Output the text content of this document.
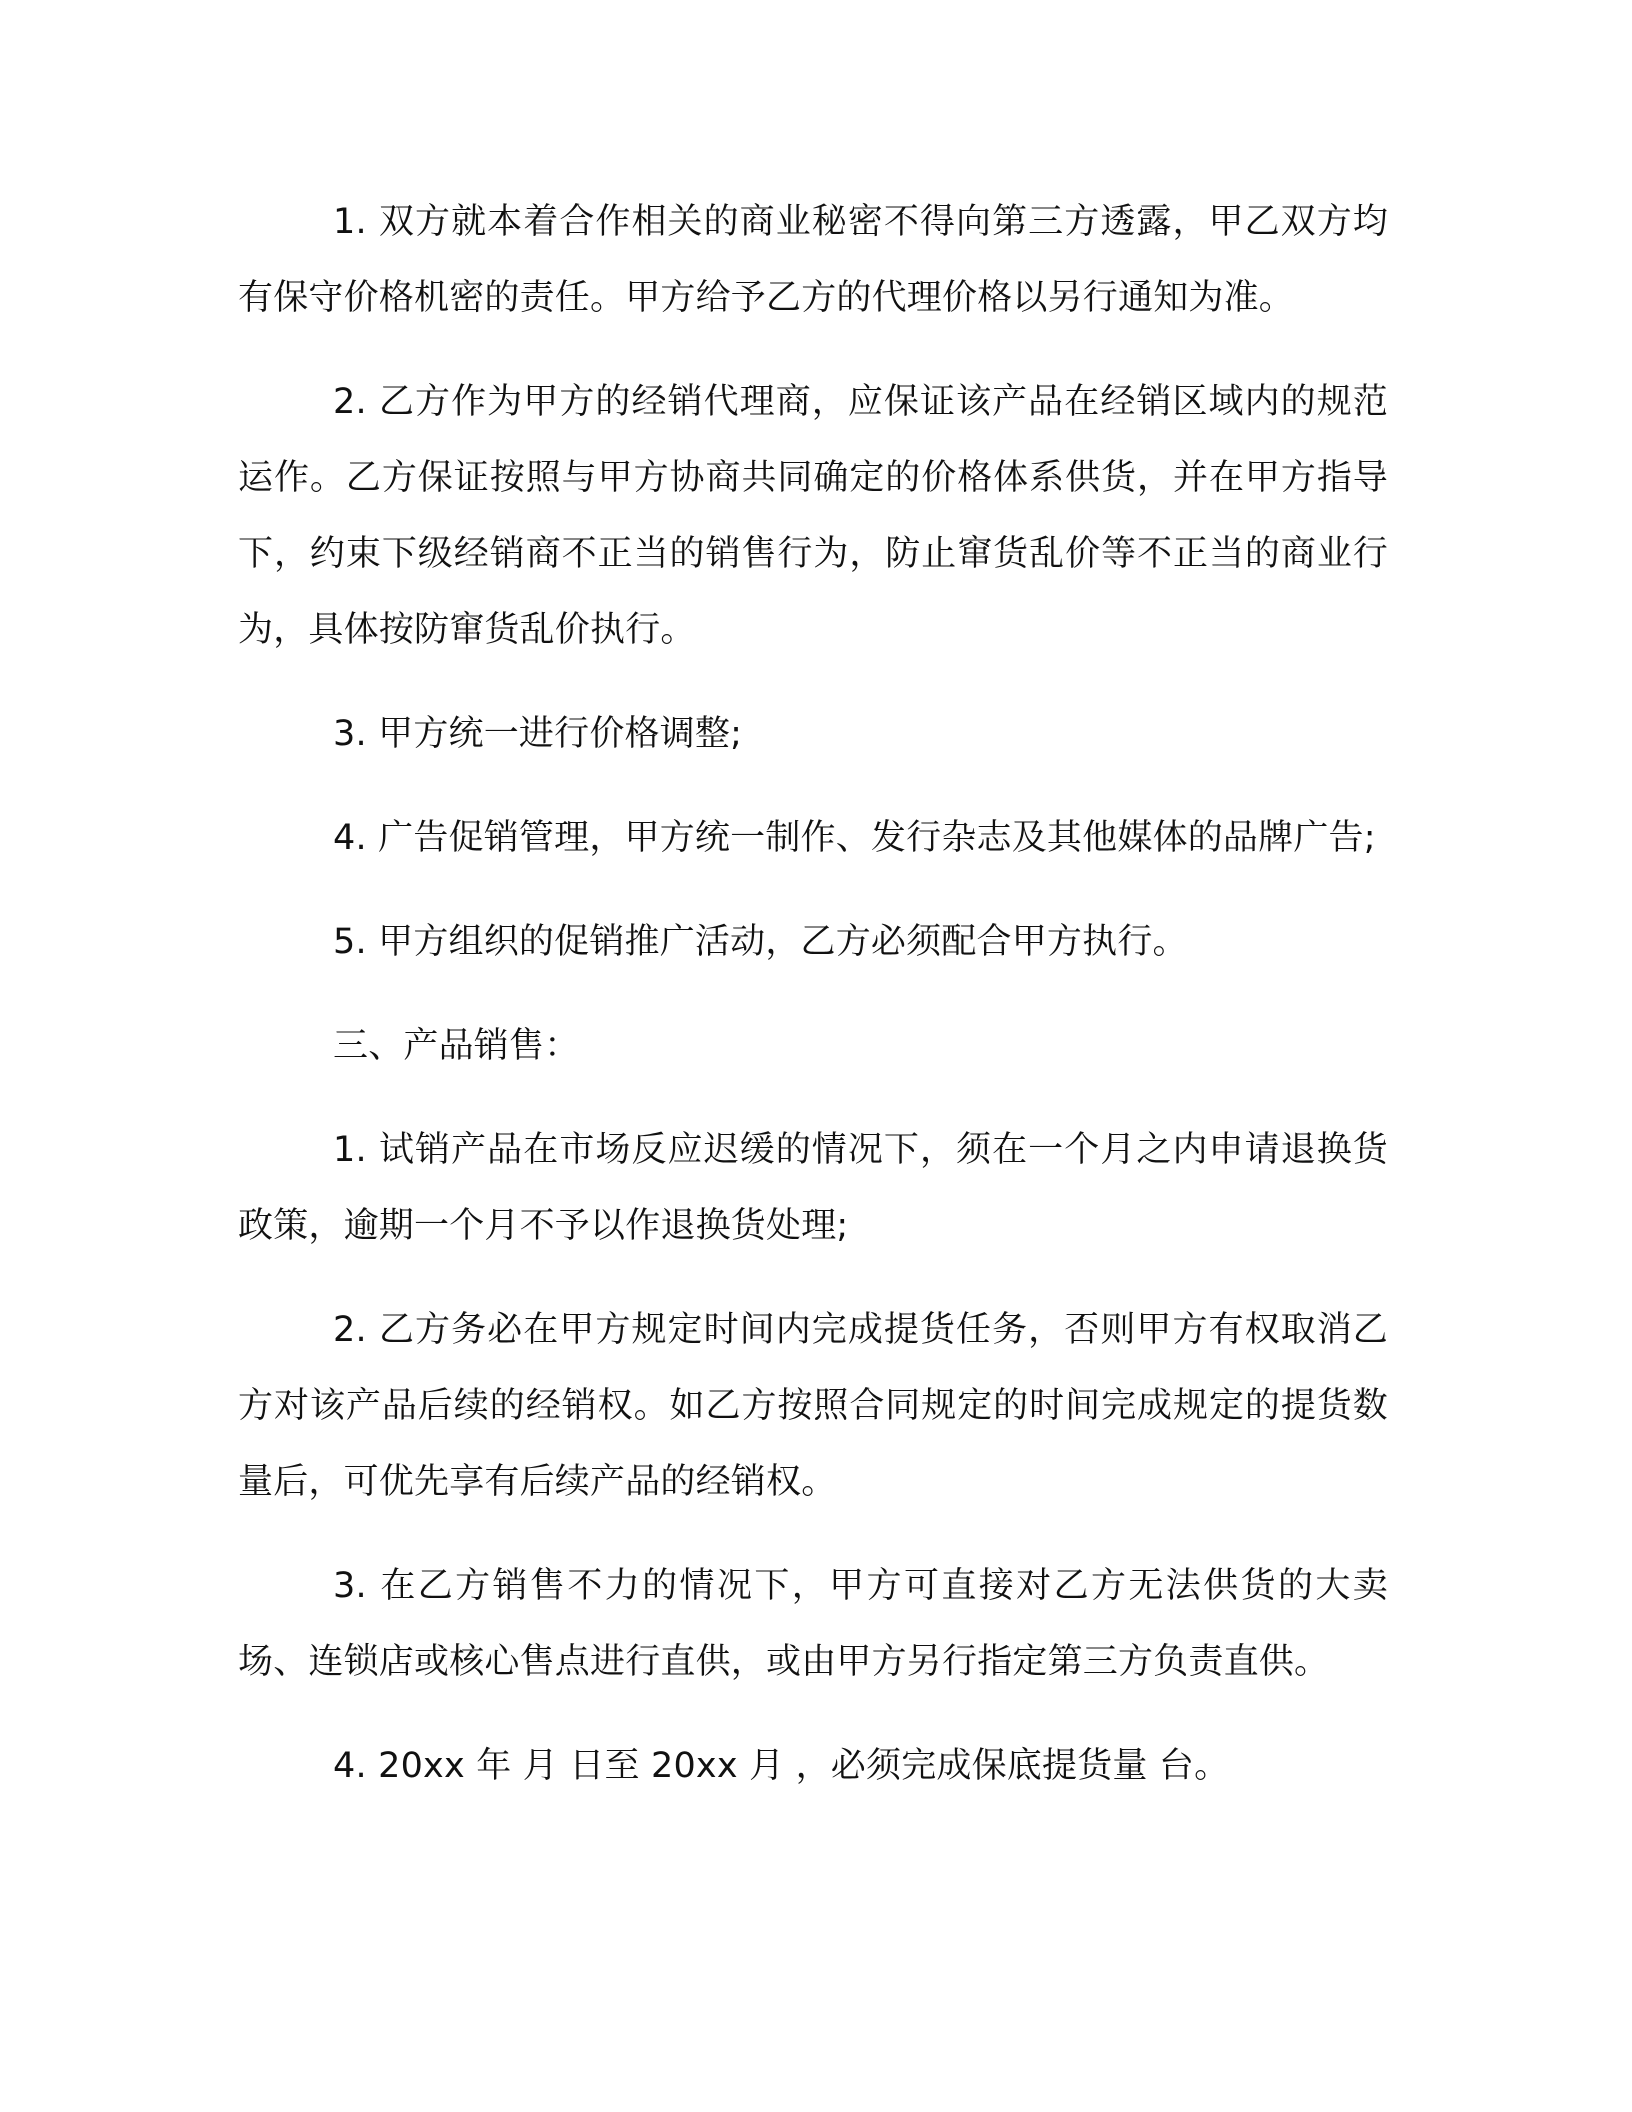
1. 双方就本着合作相关的商业秘密不得向第三方透露，甲乙双方均有保守价格机密的责任。甲方给予乙方的代理价格以另行通知为准。

2. 乙方作为甲方的经销代理商，应保证该产品在经销区域内的规范运作。乙方保证按照与甲方协商共同确定的价格体系供货，并在甲方指导下，约束下级经销商不正当的销售行为，防止窜货乱价等不正当的商业行为，具体按防窜货乱价执行。

3. 甲方统一进行价格调整;

4. 广告促销管理，甲方统一制作、发行杂志及其他媒体的品牌广告;

5. 甲方组织的促销推广活动，乙方必须配合甲方执行。

三、产品销售：

1. 试销产品在市场反应迟缓的情况下，须在一个月之内申请退换货政策，逾期一个月不予以作退换货处理;

2. 乙方务必在甲方规定时间内完成提货任务，否则甲方有权取消乙方对该产品后续的经销权。如乙方按照合同规定的时间完成规定的提货数量后，可优先享有后续产品的经销权。

3. 在乙方销售不力的情况下，甲方可直接对乙方无法供货的大卖场、连锁店或核心售点进行直供，或由甲方另行指定第三方负责直供。

4. 20xx 年 月 日至 20xx 月 ，必须完成保底提货量 台。
